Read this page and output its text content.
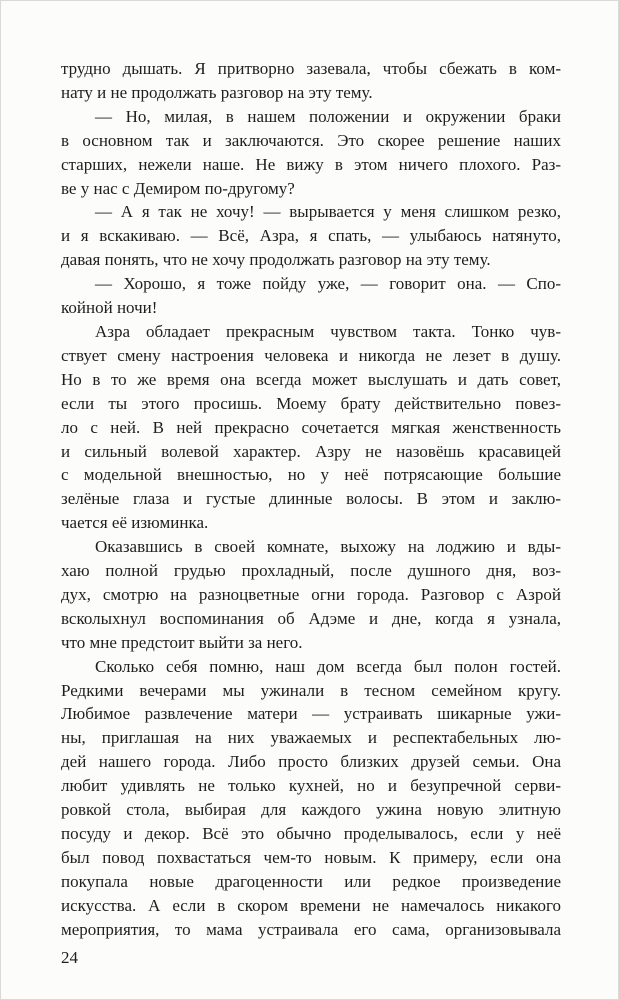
трудно дышать. Я притворно зазевала, чтобы сбежать в ком-
нату и не продолжать разговор на эту тему.
— Но, милая, в нашем положении и окружении браки
в основном так и заключаются. Это скорее решение наших
старших, нежели наше. Не вижу в этом ничего плохого. Раз-
ве у нас с Демиром по-другому?
— А я так не хочу! — вырывается у меня слишком резко,
и я вскакиваю. — Всё, Азра, я спать, — улыбаюсь натянуто,
давая понять, что не хочу продолжать разговор на эту тему.
— Хорошо, я тоже пойду уже, — говорит она. — Спо-
койной ночи!
Азра обладает прекрасным чувством такта. Тонко чув-
ствует смену настроения человека и никогда не лезет в душу.
Но в то же время она всегда может выслушать и дать совет,
если ты этого просишь. Моему брату действительно повез-
ло с ней. В ней прекрасно сочетается мягкая женственность
и сильный волевой характер. Азру не назовёшь красавицей
с модельной внешностью, но у неё потрясающие большие
зелёные глаза и густые длинные волосы. В этом и заклю-
чается её изюминка.
Оказавшись в своей комнате, выхожу на лоджию и вды-
хаю полной грудью прохладный, после душного дня, воз-
дух, смотрю на разноцветные огни города. Разговор с Азрой
всколыхнул воспоминания об Адэме и дне, когда я узнала,
что мне предстоит выйти за него.
Сколько себя помню, наш дом всегда был полон гостей.
Редкими вечерами мы ужинали в тесном семейном кругу.
Любимое развлечение матери — устраивать шикарные ужи-
ны, приглашая на них уважаемых и респектабельных лю-
дей нашего города. Либо просто близких друзей семьи. Она
любит удивлять не только кухней, но и безупречной серви-
ровкой стола, выбирая для каждого ужина новую элитную
посуду и декор. Всё это обычно проделывалось, если у неё
был повод похвастаться чем-то новым. К примеру, если она
покупала новые драгоценности или редкое произведение
искусства. А если в скором времени не намечалось никакого
мероприятия, то мама устраивала его сама, организовывала
24
